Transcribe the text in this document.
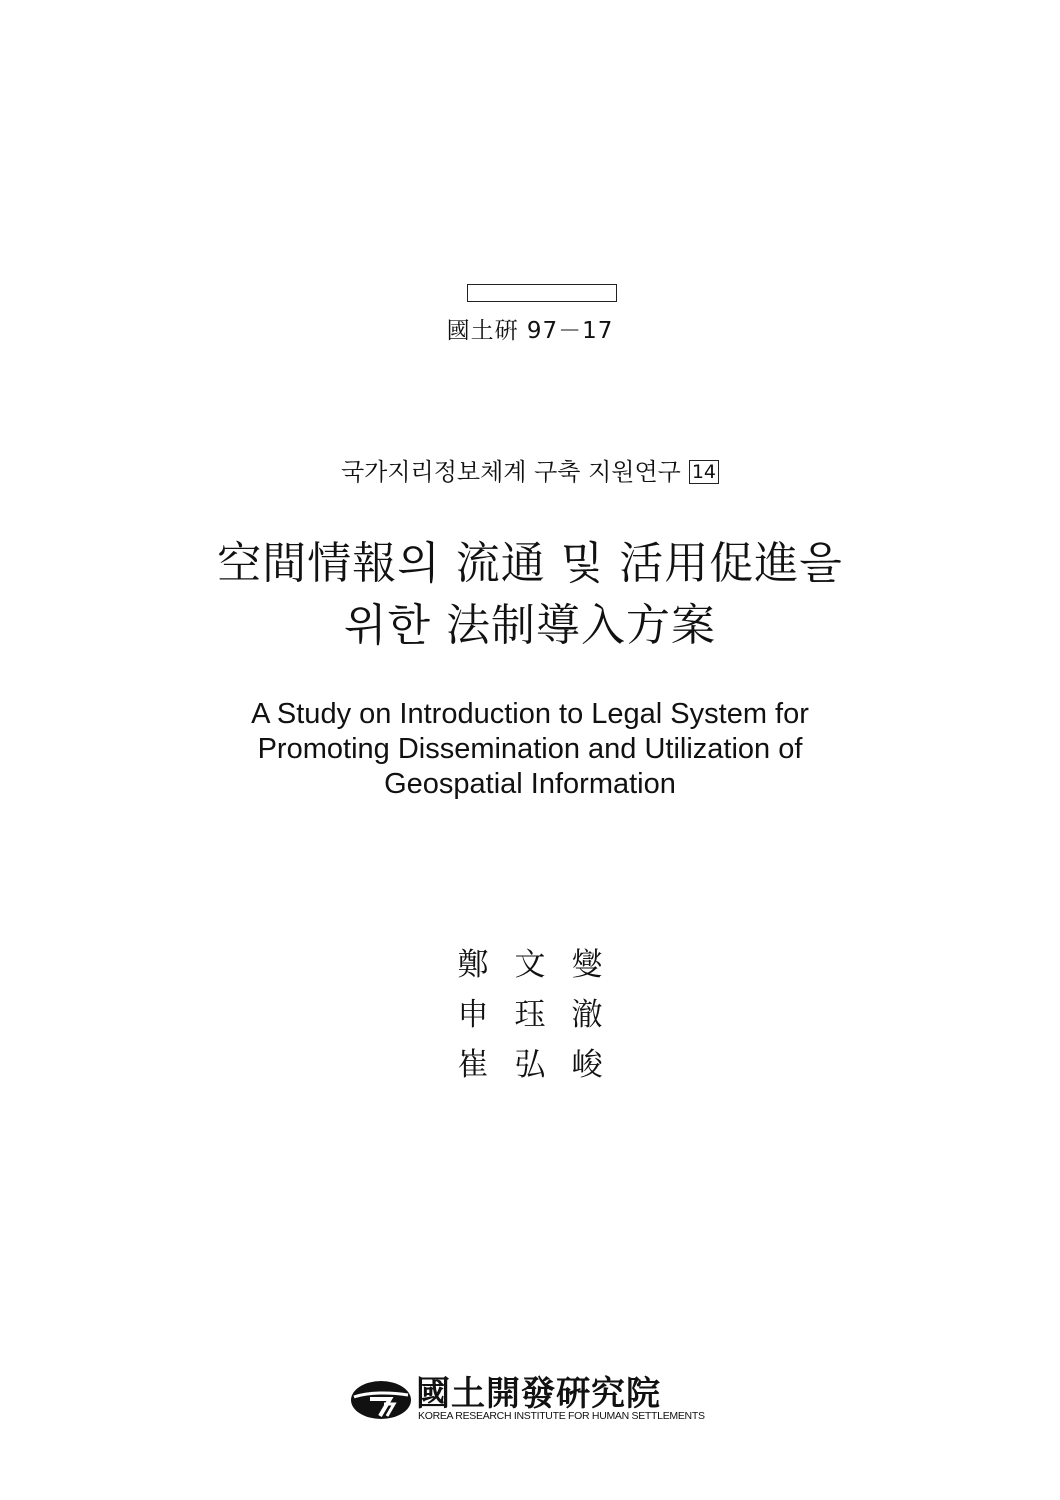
國土硏 97－17
국가지리정보체계 구축 지원연구 14
空間情報의 流通 및 活用促進을
위한 法制導入方案
A Study on Introduction to Legal System for
Promoting Dissemination and Utilization of
Geospatial Information
鄭文燮
申珏澈
崔弘峻
國土開發硏究院
KOREA RESEARCH INSTITUTE FOR HUMAN SETTLEMENTS
